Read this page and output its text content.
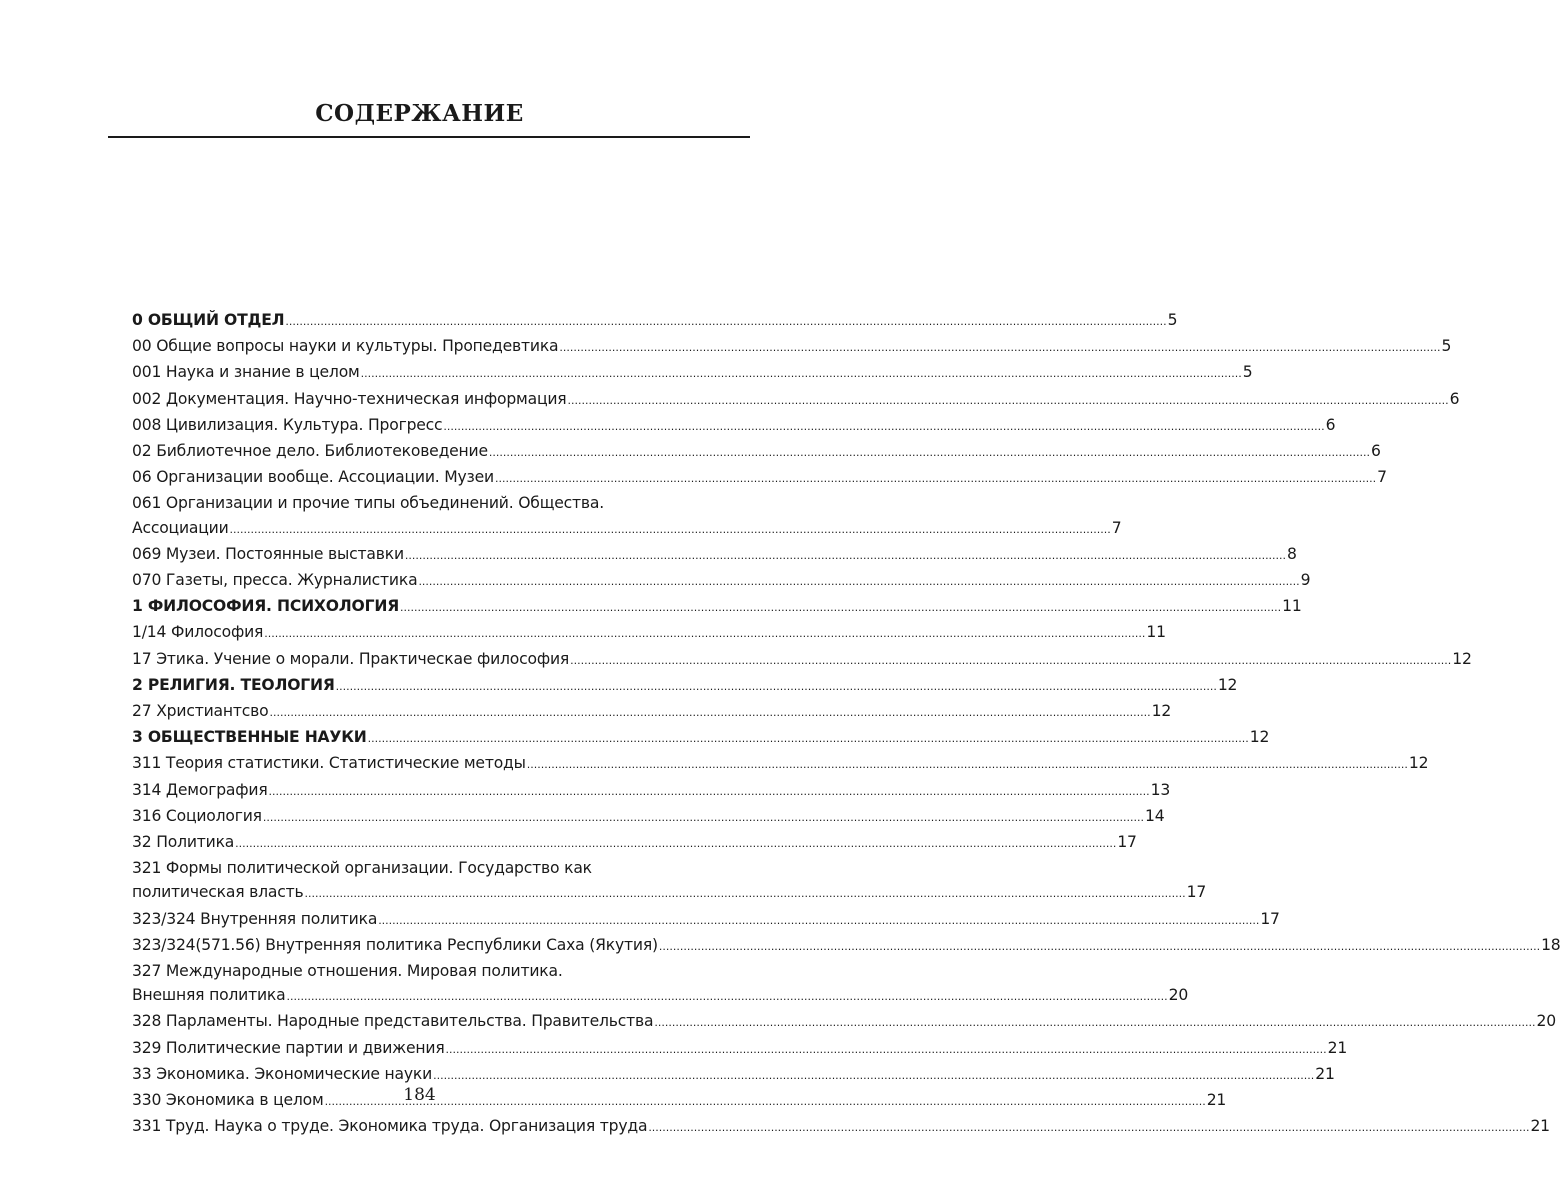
СОДЕРЖАНИЕ
0 ОБЩИЙ ОТДЕЛ .....	5
00 Общие вопросы науки и культуры. Пропедевтика .....	5
001 Наука и знание в целом .....	5
002 Документация. Научно-техническая информация .....	6
008 Цивилизация. Культура. Прогресс .....	6
02 Библиотечное дело. Библиотековедение .....	6
06 Организации вообще. Ассоциации. Музеи .....	7
061 Организации и прочие типы объединений. Общества.
Ассоциации .....	7
069 Музеи. Постоянные выставки .....	8
070 Газеты, пресса. Журналистика .....	9
1 ФИЛОСОФИЯ. ПСИХОЛОГИЯ .....	11
1/14 Философия .....	11
17 Этика. Учение о морали. Практическае философия .....	12
2 РЕЛИГИЯ. ТЕОЛОГИЯ .....	12
27 Христиантсво .....	12
3 ОБЩЕСТВЕННЫЕ НАУКИ .....	12
311 Теория статистики. Статистические методы .....	12
314 Демография .....	13
316 Социология .....	14
32 Политика .....	17
321 Формы политической организации. Государство как
политическая власть .....	17
323/324 Внутренняя политика .....	17
323/324(571.56) Внутренняя политика Республики Саха (Якутия) .....	18
327 Международные отношения. Мировая политика.
Внешняя политика .....	20
328 Парламенты. Народные представительства. Правительства .....	20
329 Политические партии и движения .....	21
33 Экономика. Экономические науки .....	21
330 Экономика в целом .....	21
331 Труд. Наука о труде. Экономика труда. Организация труда .....	21
184
